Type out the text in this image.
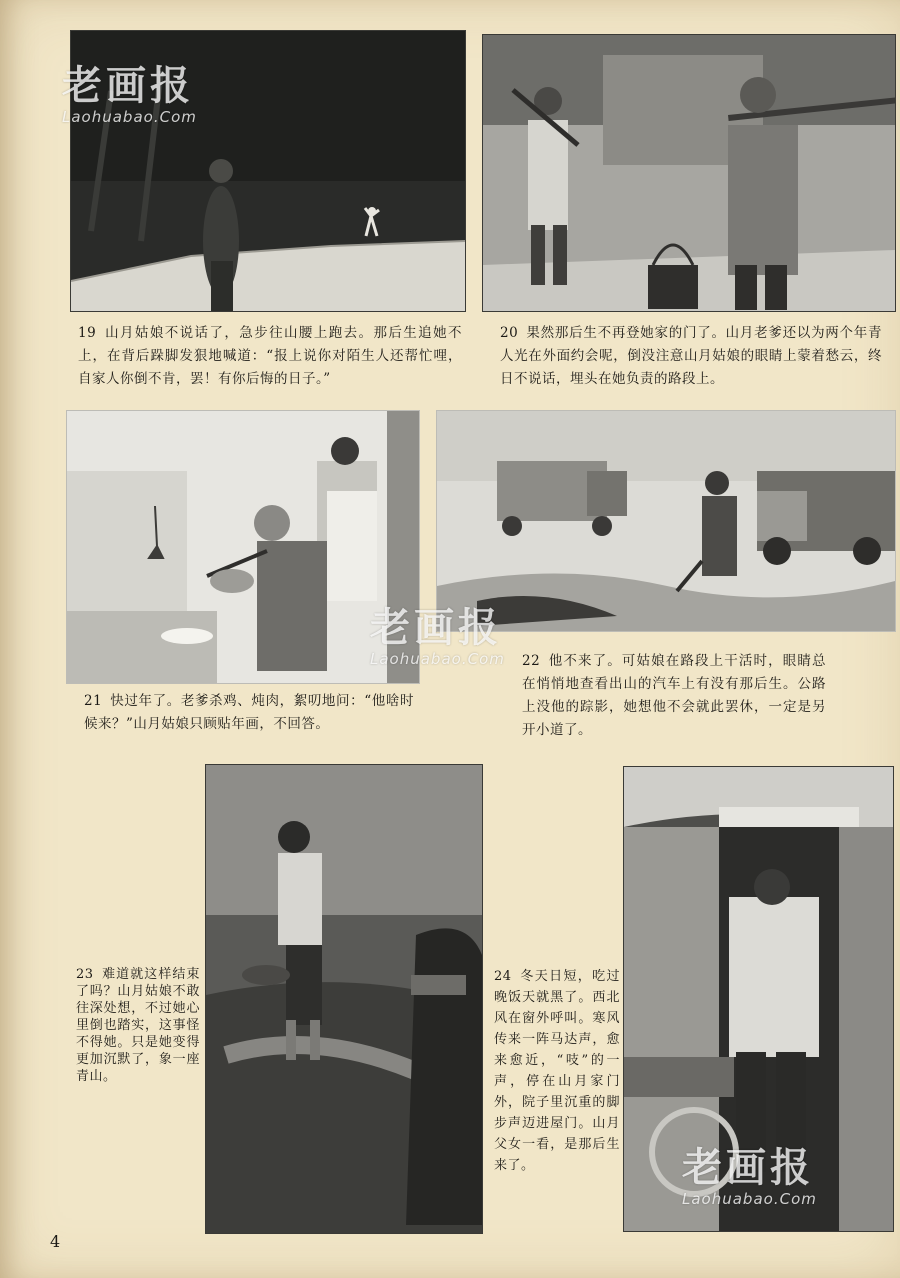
19 山月姑娘不说话了，急步往山腰上跑去。那后生追她不上，在背后跺脚发狠地喊道：“报上说你对陌生人还帮忙哩，自家人你倒不肯，罢！有你后悔的日子。”
20 果然那后生不再登她家的门了。山月老爹还以为两个年青人光在外面约会呢，倒没注意山月姑娘的眼睛上蒙着愁云，终日不说话，埋头在她负责的路段上。
22 他不来了。可姑娘在路段上干活时，眼睛总在悄悄地查看出山的汽车上有没有那后生。公路上没他的踪影，她想他不会就此罢休，一定是另开小道了。
21 快过年了。老爹杀鸡、炖肉，絮叨地问：“他啥时候来？”山月姑娘只顾贴年画，不回答。
23 难道就这样结束了吗？山月姑娘不敢往深处想，不过她心里倒也踏实，这事怪不得她。只是她变得更加沉默了，象一座青山。
24 冬天日短，吃过晚饭天就黑了。西北风在窗外呼叫。寒风传来一阵马达声，愈来愈近，“吱”的一声，停在山月家门外，院子里沉重的脚步声迈进屋门。山月父女一看，是那后生来了。
老画报
Laohuabao.Com
老画报
Laohuabao.Com
老画报
Laohuabao.Com
4
